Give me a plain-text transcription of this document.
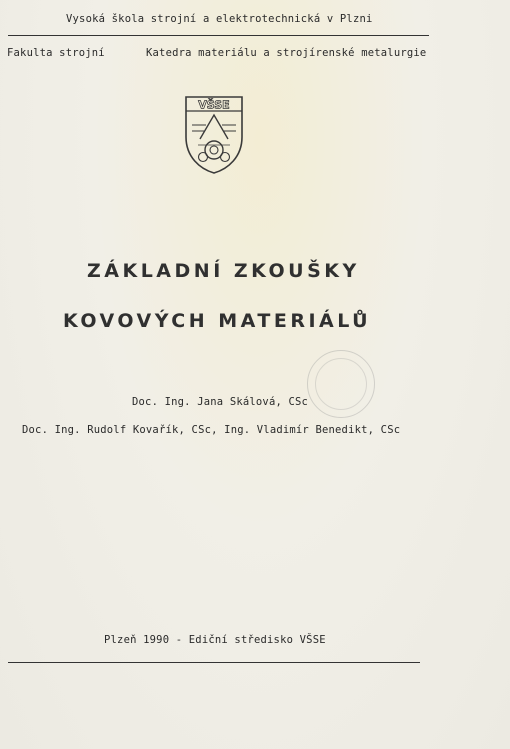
Vysoká škola strojní a elektrotechnická v Plzni
Fakulta strojní	Katedra materiálu a strojírenské metalurgie
VŠSE
ZÁKLADNÍ ZKOUŠKY
KOVOVÝCH MATERIÁLŮ
Doc. Ing. Jana Skálová, CSc
Doc. Ing. Rudolf Kovařík, CSc, Ing. Vladimír Benedikt, CSc
Plzeň 1990 - Ediční středisko VŠSE
